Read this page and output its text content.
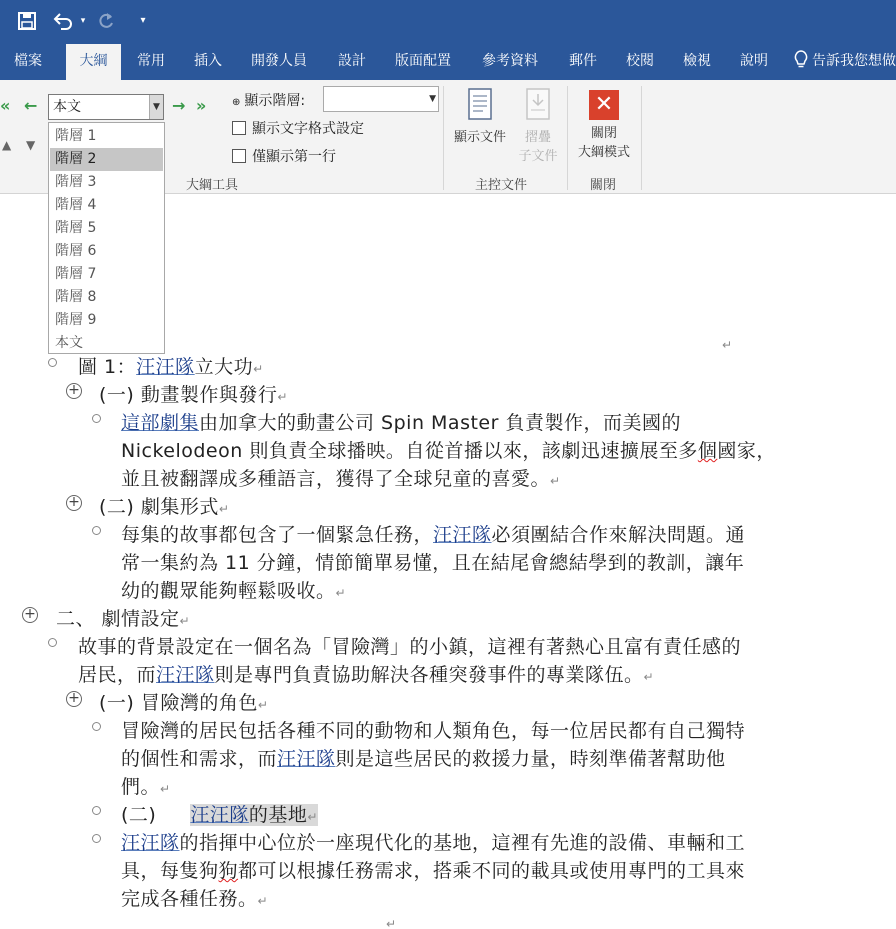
▾	▾
檔案	大綱	常用 插入 開發人員 設計 版面配置 參考資料 郵件 校閱 檢視 說明	告訴我您想做
« ←	本文	▼ → »
▲ ▼
⊕ 顯示階層:	▼
顯示文字格式設定
僅顯示第一行
大綱工具
顯示文件	摺疊
子文件
主控文件
✕
關閉
大綱模式
關閉
↵
圖 1：汪汪隊立大功↵
+ (一) 動畫製作與發行↵
這部劇集由加拿大的動畫公司 Spin Master 負責製作，而美國的
Nickelodeon 則負責全球播映。自從首播以來，該劇迅速擴展至多個國家，
並且被翻譯成多種語言，獲得了全球兒童的喜愛。↵
+ (二) 劇集形式↵
每集的故事都包含了一個緊急任務，汪汪隊必須團結合作來解決問題。通
常一集約為 11 分鐘，情節簡單易懂，且在結尾會總結學到的教訓，讓年
幼的觀眾能夠輕鬆吸收。↵
+ 二、 劇情設定↵
故事的背景設定在一個名為「冒險灣」的小鎮，這裡有著熱心且富有責任感的
居民，而汪汪隊則是專門負責協助解決各種突發事件的專業隊伍。↵
+ (一) 冒險灣的角色↵
冒險灣的居民包括各種不同的動物和人類角色，每一位居民都有自己獨特
的個性和需求，而汪汪隊則是這些居民的救援力量，時刻準備著幫助他
們。↵
(二) 汪汪隊的基地↵
汪汪隊的指揮中心位於一座現代化的基地，這裡有先進的設備、車輛和工
具，每隻狗狗都可以根據任務需求，搭乘不同的載具或使用專門的工具來
完成各種任務。↵
↵
階層 1
階層 2
階層 3
階層 4
階層 5
階層 6
階層 7
階層 8
階層 9
本文
